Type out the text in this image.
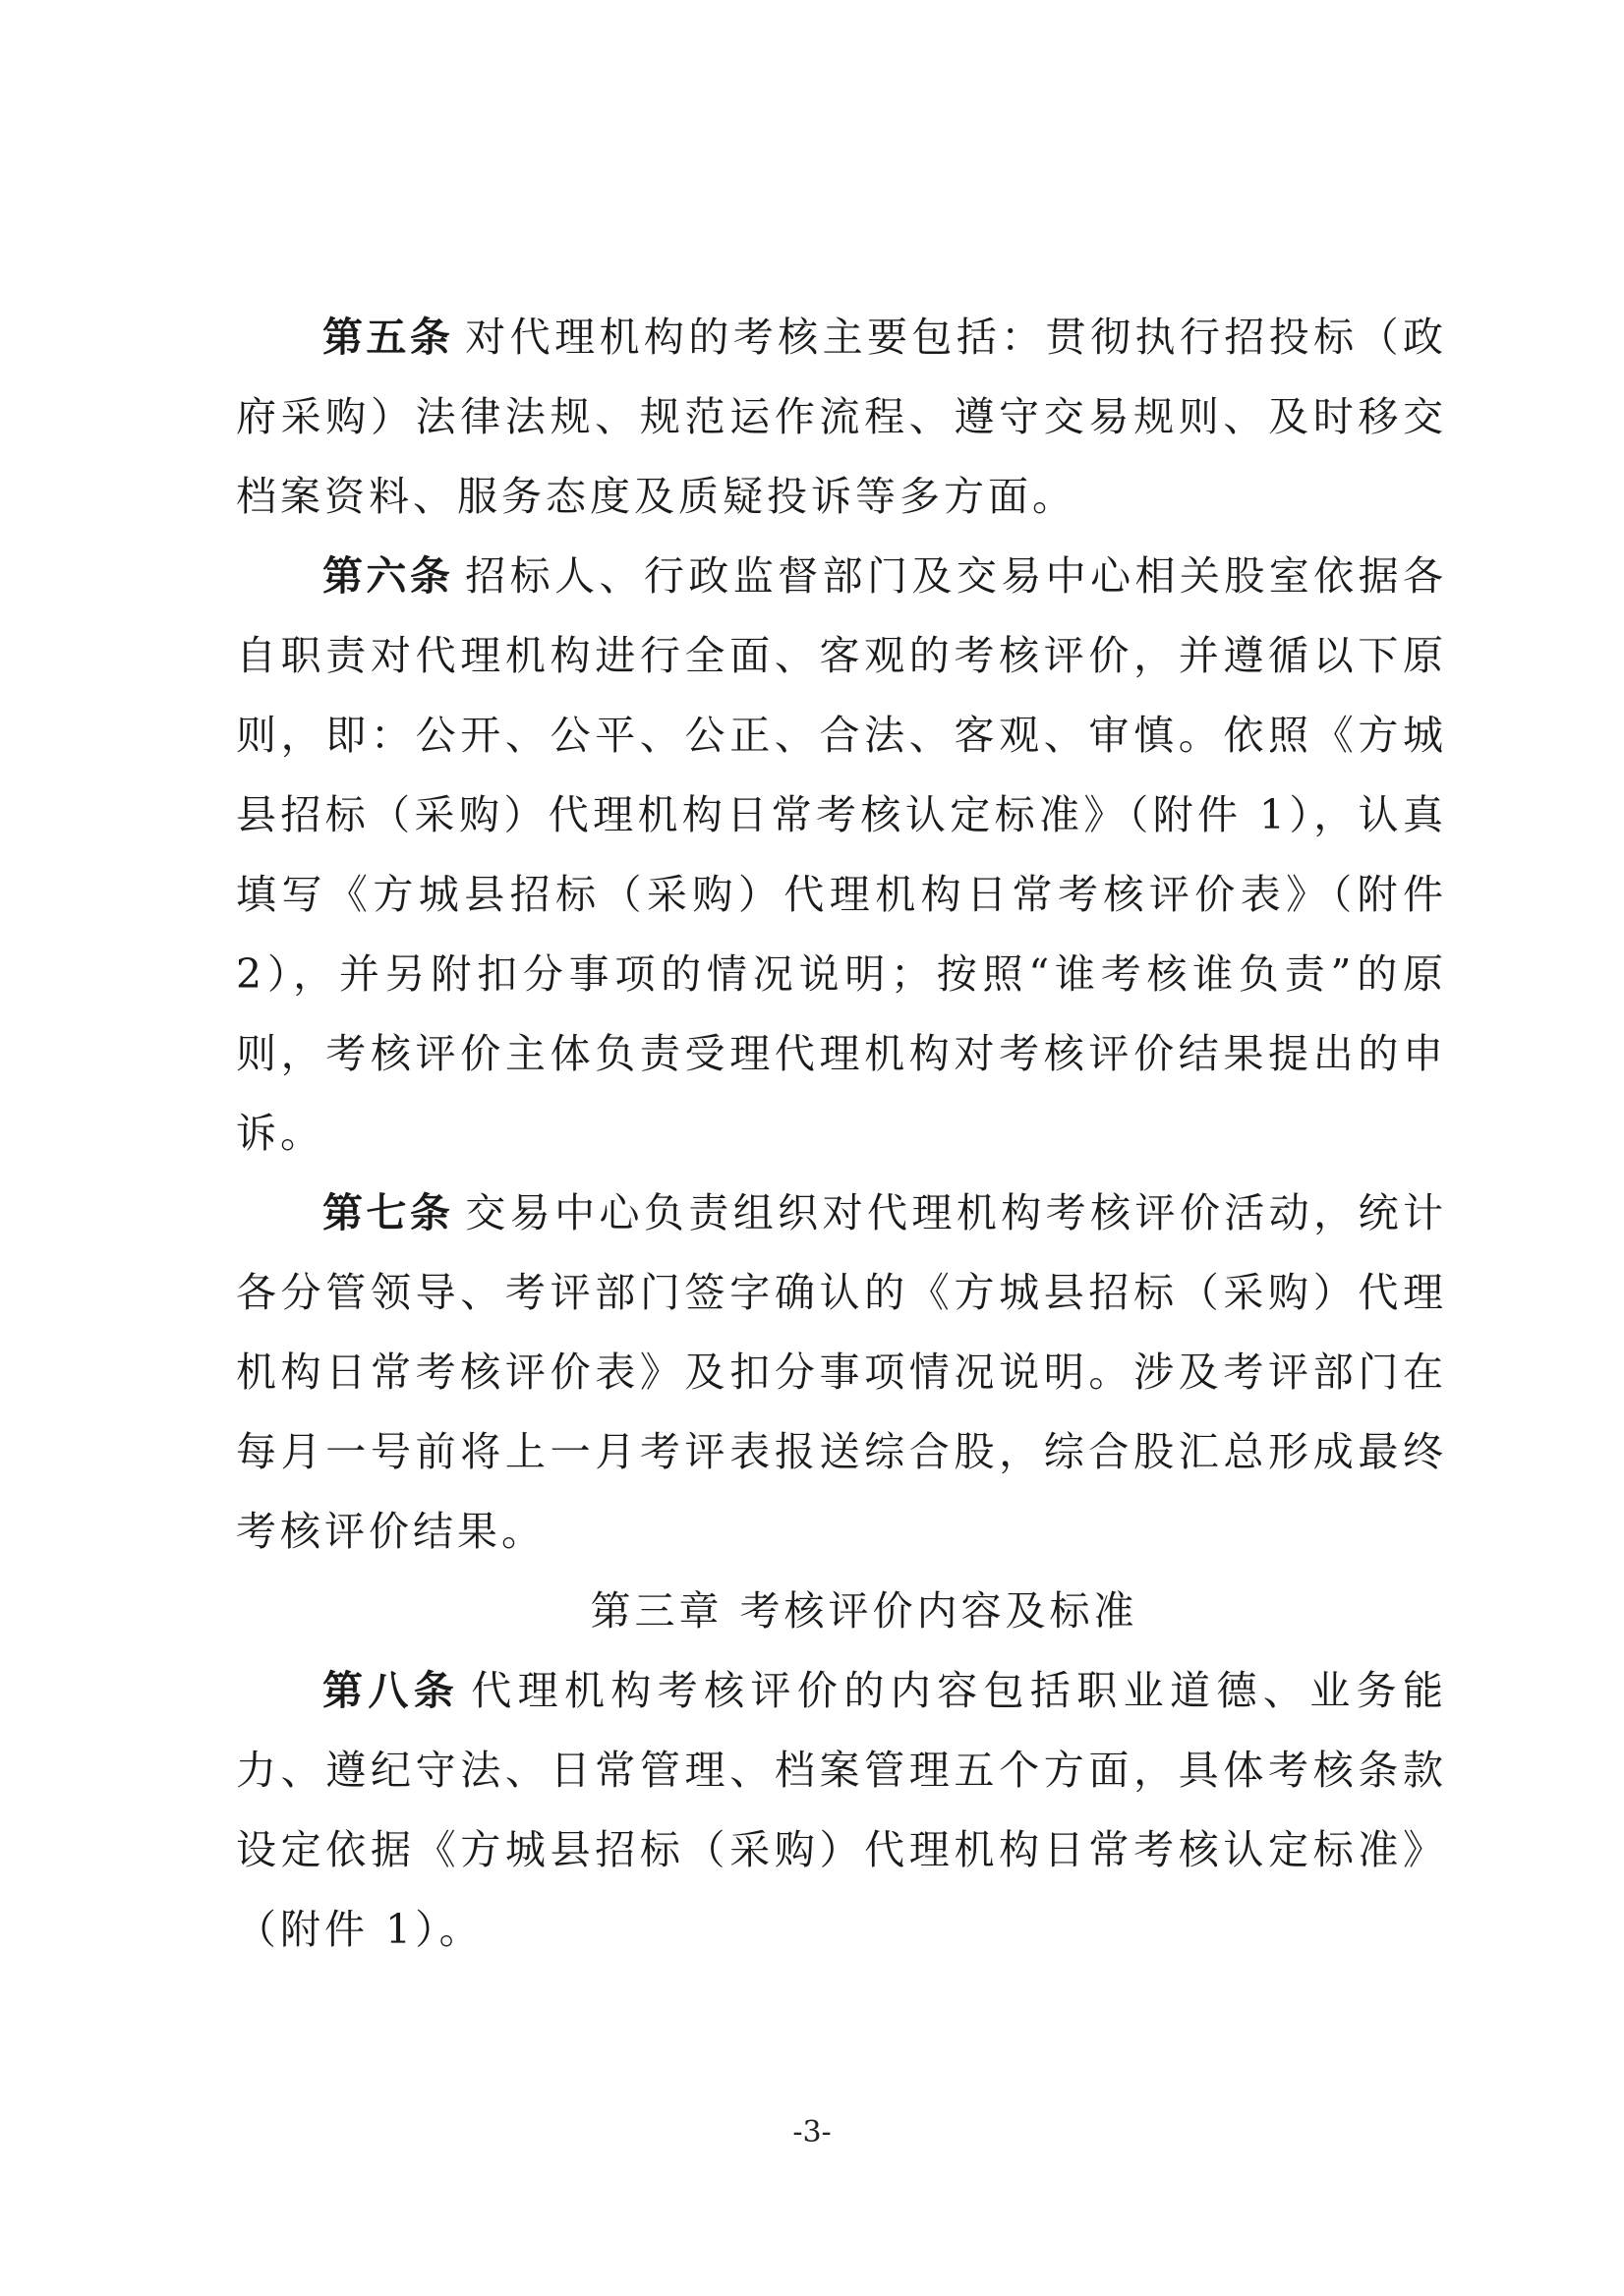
第五条 对代理机构的考核主要包括：贯彻执行招投标（政府采购）法律法规、规范运作流程、遵守交易规则、及时移交档案资料、服务态度及质疑投诉等多方面。

第六条 招标人、行政监督部门及交易中心相关股室依据各自职责对代理机构进行全面、客观的考核评价，并遵循以下原则，即：公开、公平、公正、合法、客观、审慎。依照《方城县招标（采购）代理机构日常考核认定标准》（附件 1），认真填写《方城县招标（采购）代理机构日常考核评价表》（附件 2），并另附扣分事项的情况说明；按照“谁考核谁负责”的原则，考核评价主体负责受理代理机构对考核评价结果提出的申诉。

第七条 交易中心负责组织对代理机构考核评价活动，统计各分管领导、考评部门签字确认的《方城县招标（采购）代理机构日常考核评价表》及扣分事项情况说明。涉及考评部门在每月一号前将上一月考评表报送综合股，综合股汇总形成最终考核评价结果。

第三章 考核评价内容及标准

第八条 代理机构考核评价的内容包括职业道德、业务能力、遵纪守法、日常管理、档案管理五个方面，具体考核条款设定依据《方城县招标（采购）代理机构日常考核认定标准》（附件 1）。

-3-
